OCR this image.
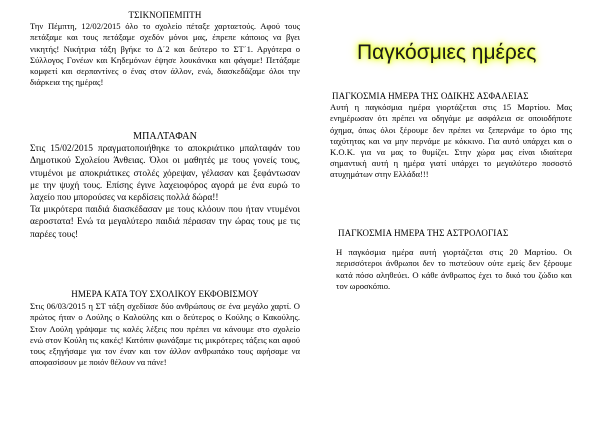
ΤΣΙΚΝΟΠΕΜΠΤΗ

Την Πέμπτη, 12/02/2015 όλο το σχολείο πέταξε χαρταετούς. Αφού τους πετάξαμε και τους πετάξαμε σχεδόν μόνοι μας, έπρεπε κάποιος να βγει νικητής! Νικήτρια τάξη βγήκε το Δ΄2 και δεύτερο το ΣΤ΄1. Αργότερα ο Σύλλογος Γονέων και Κηδεμόνων έψησε λουκάνικα και φάγαμε! Πετάξαμε κομφετί και σερπαντίνες ο ένας στον άλλον, ενώ, διασκεδάζαμε όλοι την διάρκεια της ημέρας!

ΜΠΑΛΤΑΦΑΝ

Στις 15/02/2015 πραγματοποιήθηκε το αποκριάτικο μπαλταφάν του Δημοτικού Σχολείου Άνθειας. Όλοι οι μαθητές με τους γονείς τους, ντυμένοι με αποκριάτικες στολές χόρεψαν, γέλασαν και ξεφάντωσαν με την ψυχή τους. Επίσης έγινε λαχειοφόρος αγορά με ένα ευρώ το λαχείο που μπορούσες να κερδίσεις πολλά δώρα!!

Τα μικρότερα παιδιά διασκέδασαν με τους κλόουν που ήταν ντυμένοι αεροστατα! Ενώ τα μεγαλύτερο παιδιά πέρασαν την ώρας τους με τις παρέες τους!

ΗΜΕΡΑ ΚΑΤΑ ΤΟΥ ΣΧΟΛΙΚΟΥ ΕΚΦΟΒΙΣΜΟΥ

Στις 06/03/2015 η ΣΤ τάξη σχεδίασε δύο ανθρώπους σε ένα μεγάλο χαρτί. Ο πρώτος ήταν ο Λούλης ο Καλούλης και ο δεύτερος ο Κούλης ο Κακούλης. Στον Λούλη γράψαμε τις καλές λέξεις που πρέπει να κάνουμε στο σχολείο ενώ στον Κούλη τις κακές! Κατόπιν φωνάξαμε τις μικρότερες τάξεις και αφού τους εξηγήσαμε για τον έναν και τον άλλον ανθρωπάκο τους αφήσαμε να αποφασίσουν με ποιόν θέλουν να πάνε!

Παγκόσμιες ημέρες

ΠΑΓΚΟΣΜΙΑ ΗΜΕΡΑ ΤΗΣ ΟΔΙΚΗΣ ΑΣΦΑΛΕΙΑΣ

Αυτή η παγκόσμια ημέρα γιορτάζεται στις 15 Μαρτίου. Μας ενημέρωσαν ότι πρέπει να οδηγάμε με ασφάλεια σε οποιοδήποτε όχημα, όπως όλοι ξέρουμε δεν πρέπει να ξεπερνάμε το όριο της ταχύτητας και να μην περνάμε με κόκκινο. Για αυτό υπάρχει και ο Κ.Ο.Κ. για να μας το θυμίζει. Στην χώρα μας είναι ιδιαίτερα σημαντική αυτή η ημέρα γιατί υπάρχει το μεγαλύτερο ποσοστό ατυχημάτων στην Ελλάδα!!!

ΠΑΓΚΟΣΜΙΑ ΗΜΕΡΑ ΤΗΣ ΑΣΤΡΟΛΟΓΙΑΣ

Η παγκόσμια ημέρα αυτή γιορτάζεται στις 20 Μαρτίου. Οι περισσότεροι άνθρωποι δεν το πιστεύουν ούτε εμείς δεν ξέρουμε κατά πόσο αληθεύει. Ο κάθε άνθρωπος έχει το δικό του ζώδιο και τον ωροσκόπιο.
